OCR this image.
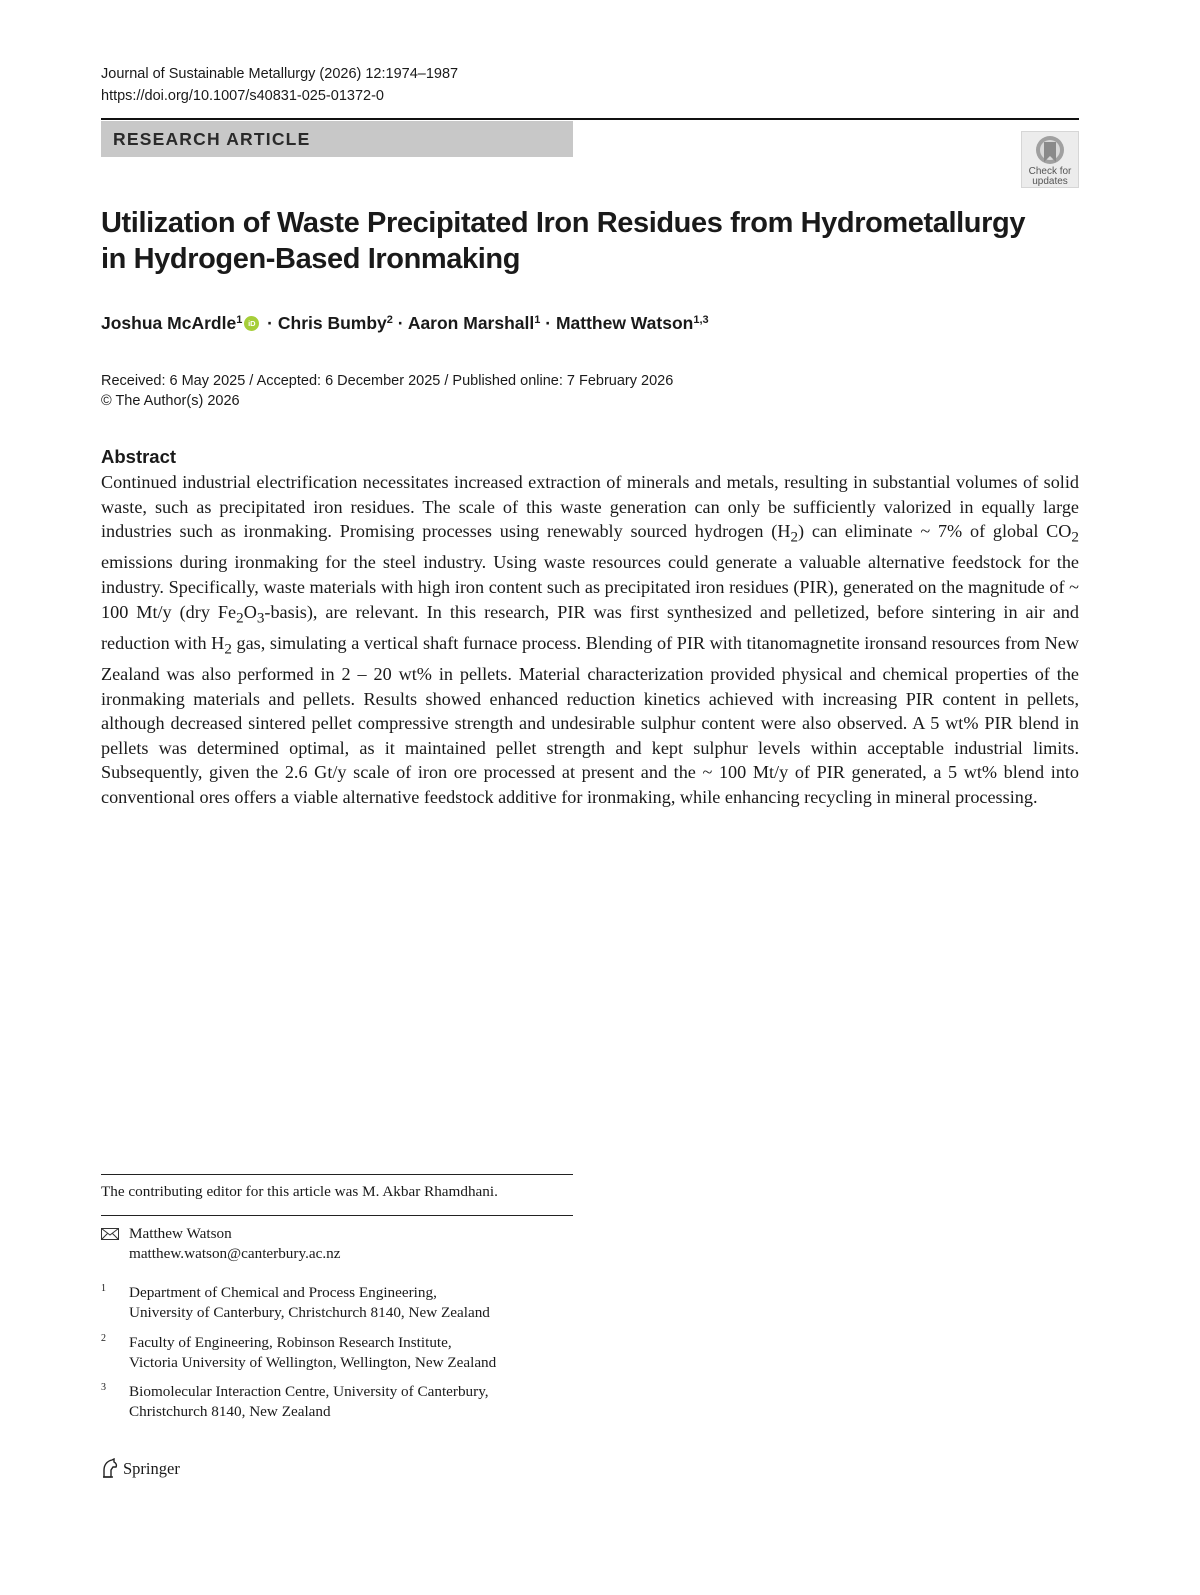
Journal of Sustainable Metallurgy (2026) 12:1974–1987
https://doi.org/10.1007/s40831-025-01372-0
RESEARCH ARTICLE
Check for
updates
Utilization of Waste Precipitated Iron Residues from Hydrometallurgy
in Hydrogen-Based Ironmaking
Joshua McArdle$^1$ iD · Chris Bumby$^2$ · Aaron Marshall$^1$ · Matthew Watson$^{1,3}$
Received: 6 May 2025 / Accepted: 6 December 2025 / Published online: 7 February 2026
© The Author(s) 2026
Abstract
Continued industrial electrification necessitates increased extraction of minerals and metals, resulting in substantial volumes of solid waste, such as precipitated iron residues. The scale of this waste generation can only be sufficiently valorized in equally large industries such as ironmaking. Promising processes using renewably sourced hydrogen $(H_2)$ can eliminate ~ 7% of global $CO_2$ emissions during ironmaking for the steel industry. Using waste resources could generate a valuable alternative feedstock for the industry. Specifically, waste materials with high iron content such as precipitated iron residues (PIR), generated on the magnitude of ~ 100 Mt/y (dry $Fe_2O_3-basis$), are relevant. In this research, PIR was first synthesized and pelletized, before sintering in air and reduction with $H_2$ gas, simulating a vertical shaft furnace process. Blending of PIR with titanomagnetite ironsand resources from New Zealand was also performed in 2 – 20 wt% in pellets. Material characterization provided physical and chemical properties of the ironmaking materials and pellets. Results showed enhanced reduction kinetics achieved with increasing PIR content in pellets, although decreased sintered pellet compressive strength and undesirable sulphur content were also observed. A 5 wt% PIR blend in pellets was determined optimal, as it maintained pellet strength and kept sulphur levels within acceptable industrial limits. Subsequently, given the 2.6 Gt/y scale of iron ore processed at present and the ~ 100 Mt/y of PIR generated, a 5 wt% blend into conventional ores offers a viable alternative feedstock additive for ironmaking, while enhancing recycling in mineral processing.
The contributing editor for this article was M. Akbar Rhamdhani.
Matthew Watson
matthew.watson@canterbury.ac.nz
1 Department of Chemical and Process Engineering,
University of Canterbury, Christchurch 8140, New Zealand
2 Faculty of Engineering, Robinson Research Institute,
Victoria University of Wellington, Wellington, New Zealand
3 Biomolecular Interaction Centre, University of Canterbury,
Christchurch 8140, New Zealand
Springer
